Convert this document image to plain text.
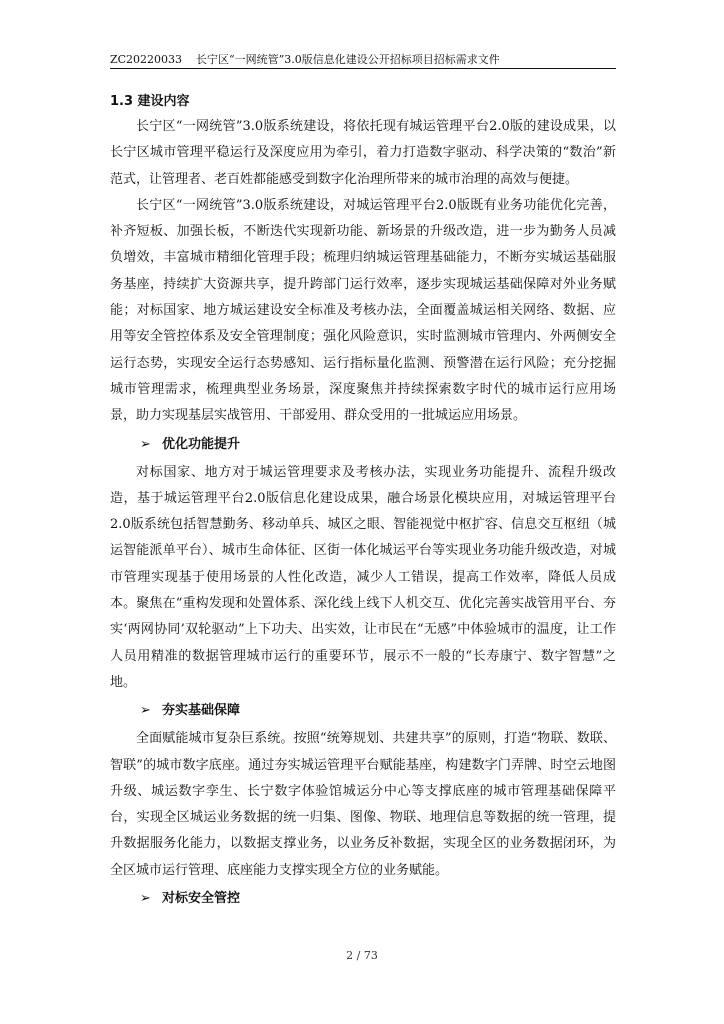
ZC20220033 长宁区“一网统管”3.0版信息化建设公开招标项目招标需求文件

1.3 建设内容

长宁区“一网统管”3.0版系统建设，将依托现有城运管理平台2.0版的建设成果，以长宁区城市管理平稳运行及深度应用为牵引，着力打造数字驱动、科学决策的“数治”新范式，让管理者、老百姓都能感受到数字化治理所带来的城市治理的高效与便捷。

长宁区“一网统管”3.0版系统建设，对城运管理平台2.0版既有业务功能优化完善，补齐短板、加强长板，不断迭代实现新功能、新场景的升级改造，进一步为勤务人员减负增效，丰富城市精细化管理手段；梳理归纳城运管理基础能力，不断夯实城运基础服务基座，持续扩大资源共享，提升跨部门运行效率，逐步实现城运基础保障对外业务赋能；对标国家、地方城运建设安全标准及考核办法，全面覆盖城运相关网络、数据、应用等安全管控体系及安全管理制度；强化风险意识，实时监测城市管理内、外两侧安全运行态势，实现安全运行态势感知、运行指标量化监测、预警潜在运行风险；充分挖掘城市管理需求，梳理典型业务场景，深度聚焦并持续探索数字时代的城市运行应用场景，助力实现基层实战管用、干部爱用、群众受用的一批城运应用场景。

➢ 优化功能提升

对标国家、地方对于城运管理要求及考核办法，实现业务功能提升、流程升级改造，基于城运管理平台2.0版信息化建设成果，融合场景化模块应用，对城运管理平台2.0版系统包括智慧勤务、移动单兵、城区之眼、智能视觉中枢扩容、信息交互枢纽（城运智能派单平台）、城市生命体征、区街一体化城运平台等实现业务功能升级改造，对城市管理实现基于使用场景的人性化改造，减少人工错误，提高工作效率，降低人员成本。聚焦在“重构发现和处置体系、深化线上线下人机交互、优化完善实战管用平台、夯实‘两网协同’双轮驱动”上下功夫、出实效，让市民在“无感”中体验城市的温度，让工作人员用精准的数据管理城市运行的重要环节，展示不一般的“长寿康宁、数字智慧”之地。

➢ 夯实基础保障

全面赋能城市复杂巨系统。按照“统筹规划、共建共享”的原则，打造“物联、数联、智联”的城市数字底座。通过夯实城运管理平台赋能基座，构建数字门弄牌、时空云地图升级、城运数字孪生、长宁数字体验馆城运分中心等支撑底座的城市管理基础保障平台，实现全区城运业务数据的统一归集、图像、物联、地理信息等数据的统一管理，提升数据服务化能力，以数据支撑业务，以业务反补数据，实现全区的业务数据闭环，为全区城市运行管理、底座能力支撑实现全方位的业务赋能。

➢ 对标安全管控

2 / 73
